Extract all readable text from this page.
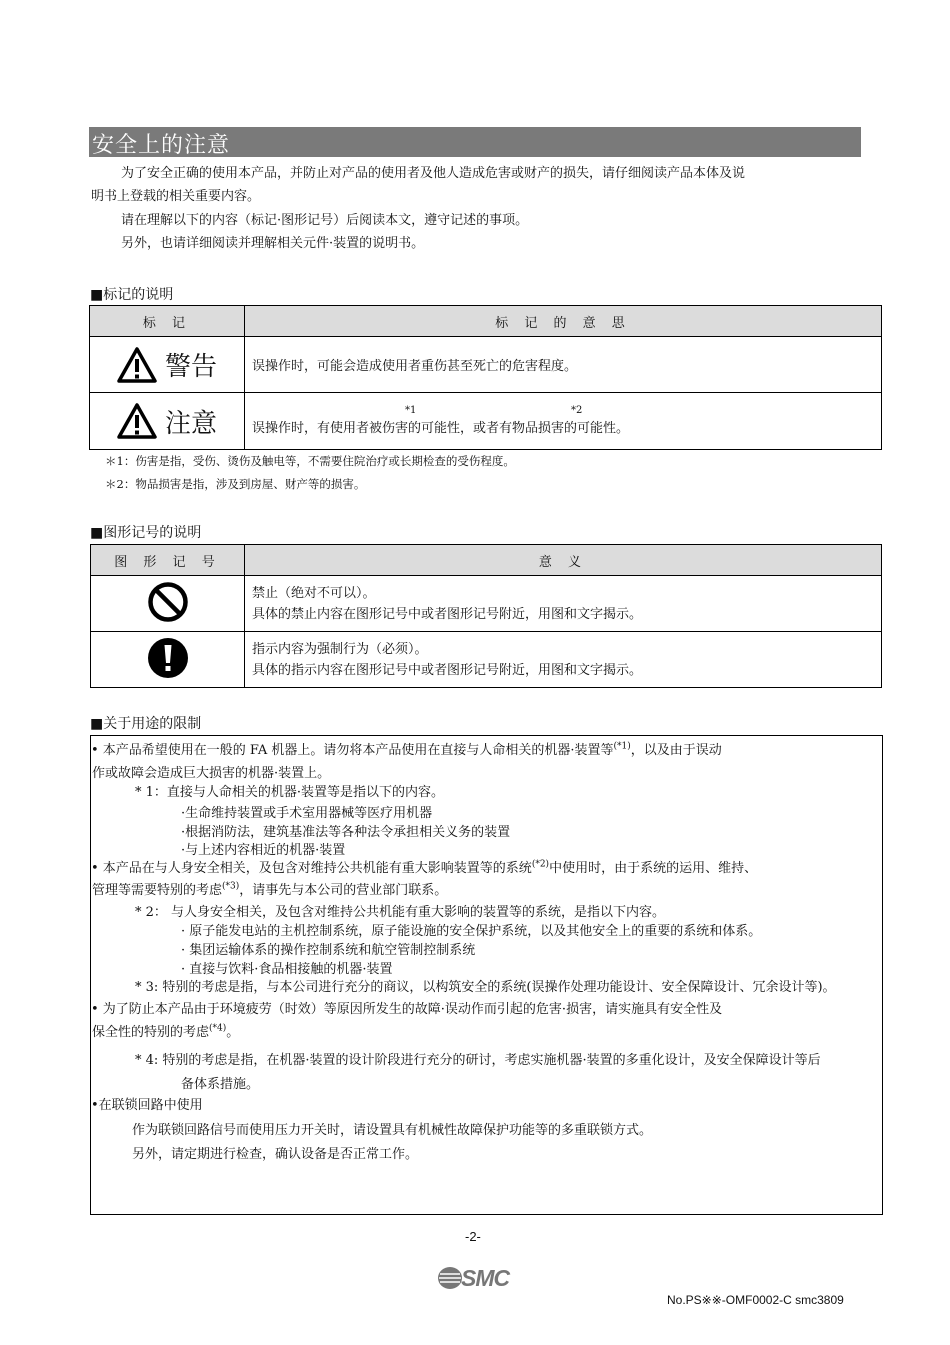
安全上的注意
为了安全正确的使用本产品，并防止对产品的使用者及他人造成危害或财产的损失，请仔细阅读产品本体及说
明书上登载的相关重要内容。
请在理解以下的内容（标记·图形记号）后阅读本文，遵守记述的事项。
另外，也请详细阅读并理解相关元件·装置的说明书。
■标记的说明
标 记	标 记 的 意 思

警告	误操作时，可能会造成使用者重伤甚至死亡的危害程度。

注意	*1 *2
误操作时，有使用者被伤害的可能性，或者有物品损害的可能性。
＊1：伤害是指，受伤、烫伤及触电等，不需要住院治疗或长期检查的受伤程度。
＊2：物品损害是指，涉及到房屋、财产等的损害。
■图形记号的说明
图 形 记 号	意 义

禁止（绝对不可以）。
具体的禁止内容在图形记号中或者图形记号附近，用图和文字揭示。

指示内容为强制行为（必须）。
具体的指示内容在图形记号中或者图形记号附近，用图和文字揭示。
■关于用途的限制
• 本产品希望使用在一般的 FA 机器上。请勿将本产品使用在直接与人命相关的机器·装置等$^{(*1)}$，以及由于误动
作或故障会造成巨大损害的机器·装置上。
* 1：直接与人命相关的机器·装置等是指以下的内容。
·生命维持装置或手术室用器械等医疗用机器
·根据消防法，建筑基准法等各种法令承担相关义务的装置
·与上述内容相近的机器·装置
• 本产品在与人身安全相关，及包含对维持公共机能有重大影响装置等的系统$^{(*2)}$中使用时，由于系统的运用、维持、
管理等需要特别的考虑$^{(*3)}$，请事先与本公司的营业部门联系。
* 2： 与人身安全相关，及包含对维持公共机能有重大影响的装置等的系统，是指以下内容。
· 原子能发电站的主机控制系统，原子能设施的安全保护系统，以及其他安全上的重要的系统和体系。
· 集团运输体系的操作控制系统和航空管制控制系统
· 直接与饮料·食品相接触的机器·装置
* 3: 特别的考虑是指，与本公司进行充分的商议，以构筑安全的系统(误操作处理功能设计、安全保障设计、冗余设计等)。
• 为了防止本产品由于环境疲劳（时效）等原因所发生的故障·误动作而引起的危害·损害，请实施具有安全性及
保全性的特别的考虑$^{(*4)}$。
* 4: 特别的考虑是指，在机器·装置的设计阶段进行充分的研讨，考虑实施机器·装置的多重化设计，及安全保障设计等后
备体系措施。
•在联锁回路中使用
作为联锁回路信号而使用压力开关时，请设置具有机械性故障保护功能等的多重联锁方式。
另外，请定期进行检查，确认设备是否正常工作。
-2-
SMC
No.PS※※-OMF0002-C smc3809
